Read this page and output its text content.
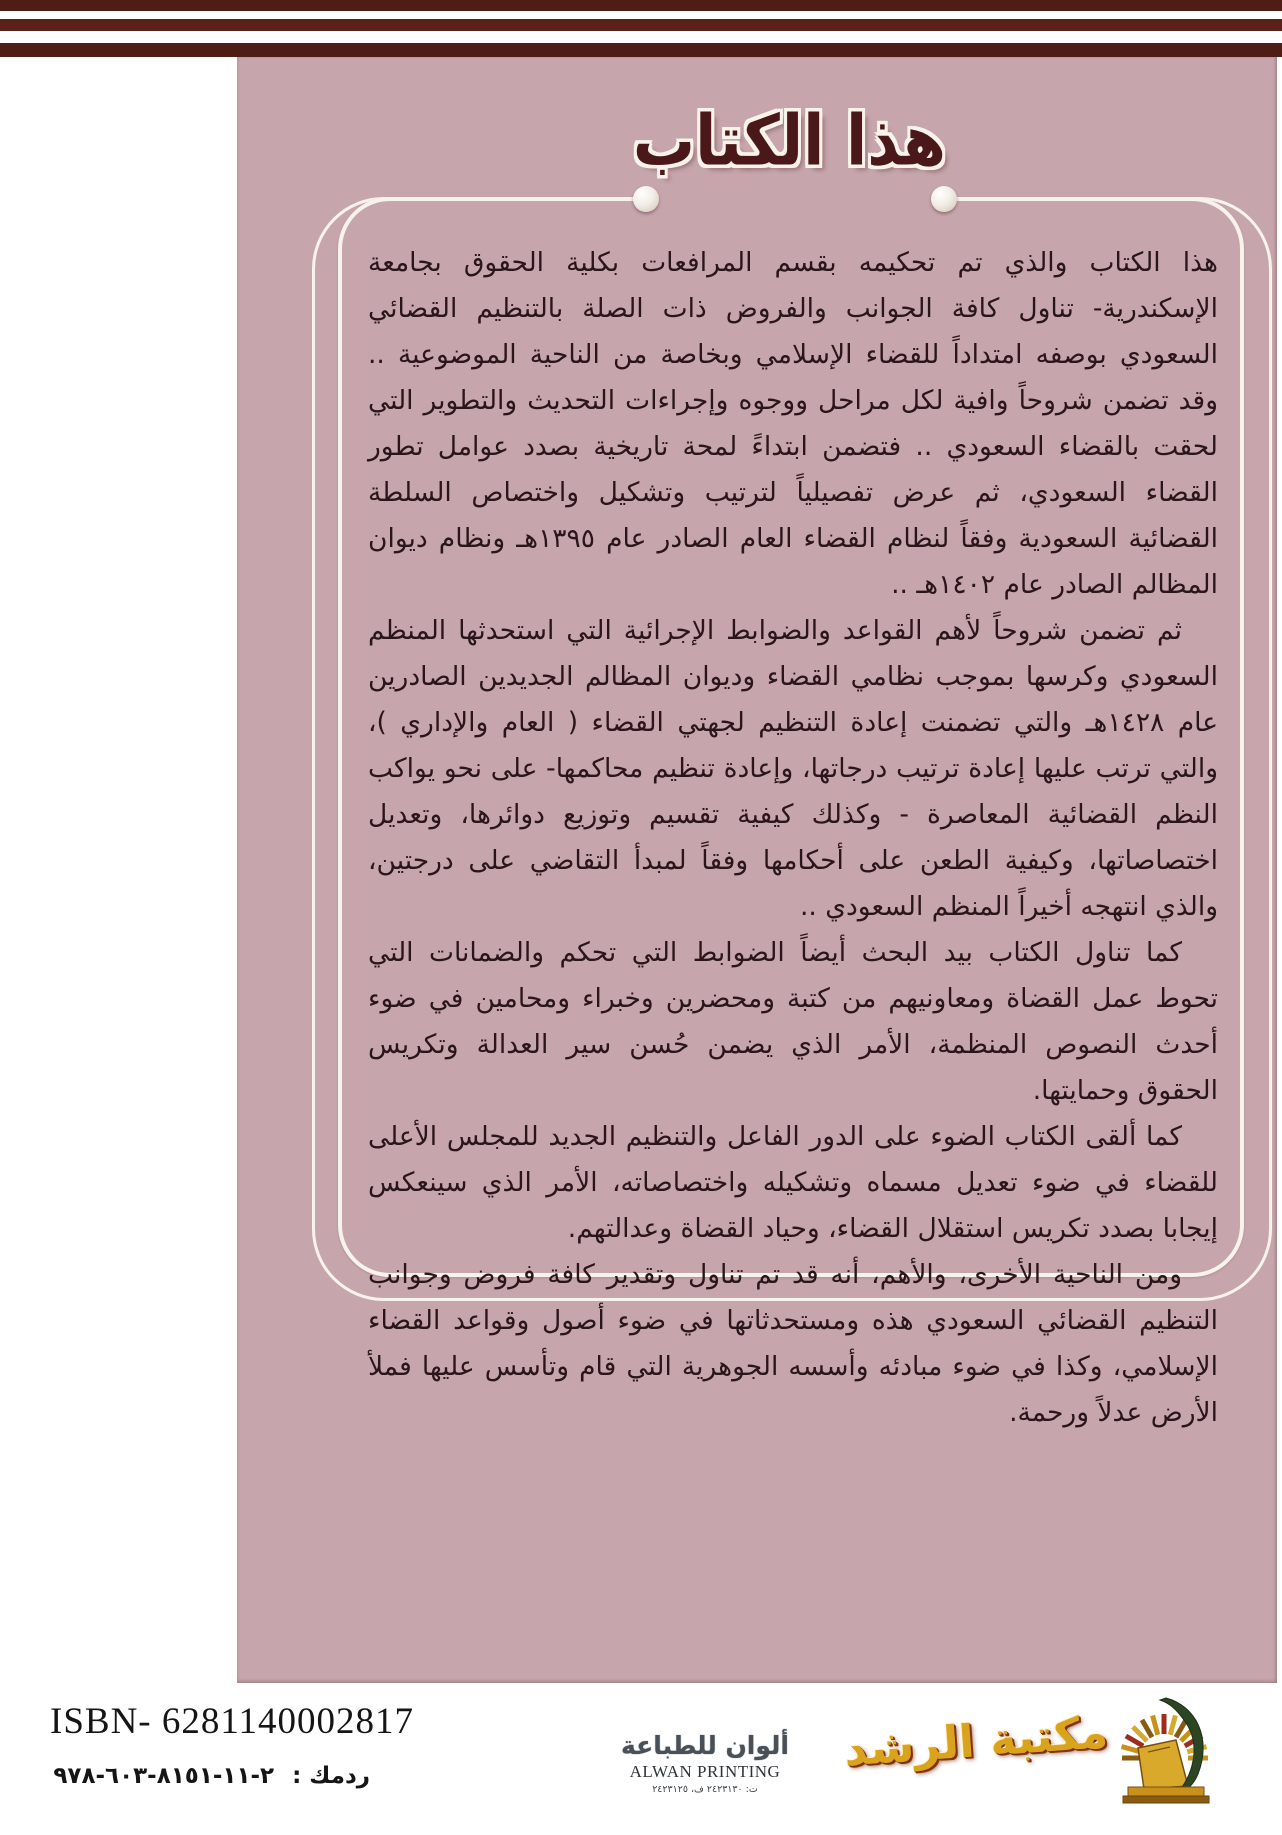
هذا الكتاب

هذا الكتاب والذي تم تحكيمه بقسم المرافعات بكلية الحقوق بجامعة الإسكندرية- تناول كافة الجوانب والفروض ذات الصلة بالتنظيم القضائي السعودي بوصفه امتداداً للقضاء الإسلامي وبخاصة من الناحية الموضوعية .. وقد تضمن شروحاً وافية لكل مراحل ووجوه وإجراءات التحديث والتطوير التي لحقت بالقضاء السعودي .. فتضمن ابتداءً لمحة تاريخية بصدد عوامل تطور القضاء السعودي، ثم عرض تفصيلياً لترتيب وتشكيل واختصاص السلطة القضائية السعودية وفقاً لنظام القضاء العام الصادر عام ١٣٩٥هـ ونظام ديوان المظالم الصادر عام ١٤٠٢هـ ..

ثم تضمن شروحاً لأهم القواعد والضوابط الإجرائية التي استحدثها المنظم السعودي وكرسها بموجب نظامي القضاء وديوان المظالم الجديدين الصادرين عام ١٤٢٨هـ والتي تضمنت إعادة التنظيم لجهتي القضاء ( العام والإداري )، والتي ترتب عليها إعادة ترتيب درجاتها، وإعادة تنظيم محاكمها- على نحو يواكب النظم القضائية المعاصرة - وكذلك كيفية تقسيم وتوزيع دوائرها، وتعديل اختصاصاتها، وكيفية الطعن على أحكامها وفقاً لمبدأ التقاضي على درجتين، والذي انتهجه أخيراً المنظم السعودي ..

كما تناول الكتاب بيد البحث أيضاً الضوابط التي تحكم والضمانات التي تحوط عمل القضاة ومعاونيهم من كتبة ومحضرين وخبراء ومحامين في ضوء أحدث النصوص المنظمة، الأمر الذي يضمن حُسن سير العدالة وتكريس الحقوق وحمايتها.

كما ألقى الكتاب الضوء على الدور الفاعل والتنظيم الجديد للمجلس الأعلى للقضاء في ضوء تعديل مسماه وتشكيله واختصاصاته، الأمر الذي سينعكس إيجابا بصدد تكريس استقلال القضاء، وحياد القضاة وعدالتهم.

ومن الناحية الأخرى، والأهم، أنه قد تم تناول وتقدير كافة فروض وجوانب التنظيم القضائي السعودي هذه ومستحدثاتها في ضوء أصول وقواعد القضاء الإسلامي، وكذا في ضوء مبادئه وأسسه الجوهرية التي قام وتأسس عليها فملأ الأرض عدلاً ورحمة.

ISBN- 6281140002817
ردمك : ٩٧٨-٦٠٣-٨١٥١-١١-٢
ألوان للطباعة
ALWAN PRINTING
ت: ٢٤٢٣١٣٠ ف، ٢٤٢٣١٢٥
مكتبة الرشد
